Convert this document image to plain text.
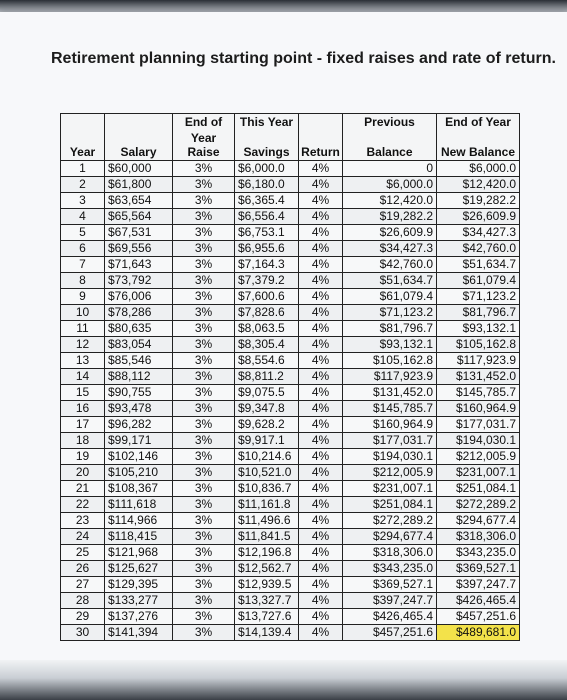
Retirement planning starting point - fixed raises and rate of return.
		End of	This Year		Previous	End of Year
Year	Salary	Year Raise	Savings	Return	Balance	New Balance
1	$60,000	3%	$6,000.0	4%	0	$6,000.0
2	$61,800	3%	$6,180.0	4%	$6,000.0	$12,420.0
3	$63,654	3%	$6,365.4	4%	$12,420.0	$19,282.2
4	$65,564	3%	$6,556.4	4%	$19,282.2	$26,609.9
5	$67,531	3%	$6,753.1	4%	$26,609.9	$34,427.3
6	$69,556	3%	$6,955.6	4%	$34,427.3	$42,760.0
7	$71,643	3%	$7,164.3	4%	$42,760.0	$51,634.7
8	$73,792	3%	$7,379.2	4%	$51,634.7	$61,079.4
9	$76,006	3%	$7,600.6	4%	$61,079.4	$71,123.2
10	$78,286	3%	$7,828.6	4%	$71,123.2	$81,796.7
11	$80,635	3%	$8,063.5	4%	$81,796.7	$93,132.1
12	$83,054	3%	$8,305.4	4%	$93,132.1	$105,162.8
13	$85,546	3%	$8,554.6	4%	$105,162.8	$117,923.9
14	$88,112	3%	$8,811.2	4%	$117,923.9	$131,452.0
15	$90,755	3%	$9,075.5	4%	$131,452.0	$145,785.7
16	$93,478	3%	$9,347.8	4%	$145,785.7	$160,964.9
17	$96,282	3%	$9,628.2	4%	$160,964.9	$177,031.7
18	$99,171	3%	$9,917.1	4%	$177,031.7	$194,030.1
19	$102,146	3%	$10,214.6	4%	$194,030.1	$212,005.9
20	$105,210	3%	$10,521.0	4%	$212,005.9	$231,007.1
21	$108,367	3%	$10,836.7	4%	$231,007.1	$251,084.1
22	$111,618	3%	$11,161.8	4%	$251,084.1	$272,289.2
23	$114,966	3%	$11,496.6	4%	$272,289.2	$294,677.4
24	$118,415	3%	$11,841.5	4%	$294,677.4	$318,306.0
25	$121,968	3%	$12,196.8	4%	$318,306.0	$343,235.0
26	$125,627	3%	$12,562.7	4%	$343,235.0	$369,527.1
27	$129,395	3%	$12,939.5	4%	$369,527.1	$397,247.7
28	$133,277	3%	$13,327.7	4%	$397,247.7	$426,465.4
29	$137,276	3%	$13,727.6	4%	$426,465.4	$457,251.6
30	$141,394	3%	$14,139.4	4%	$457,251.6	$489,681.0
